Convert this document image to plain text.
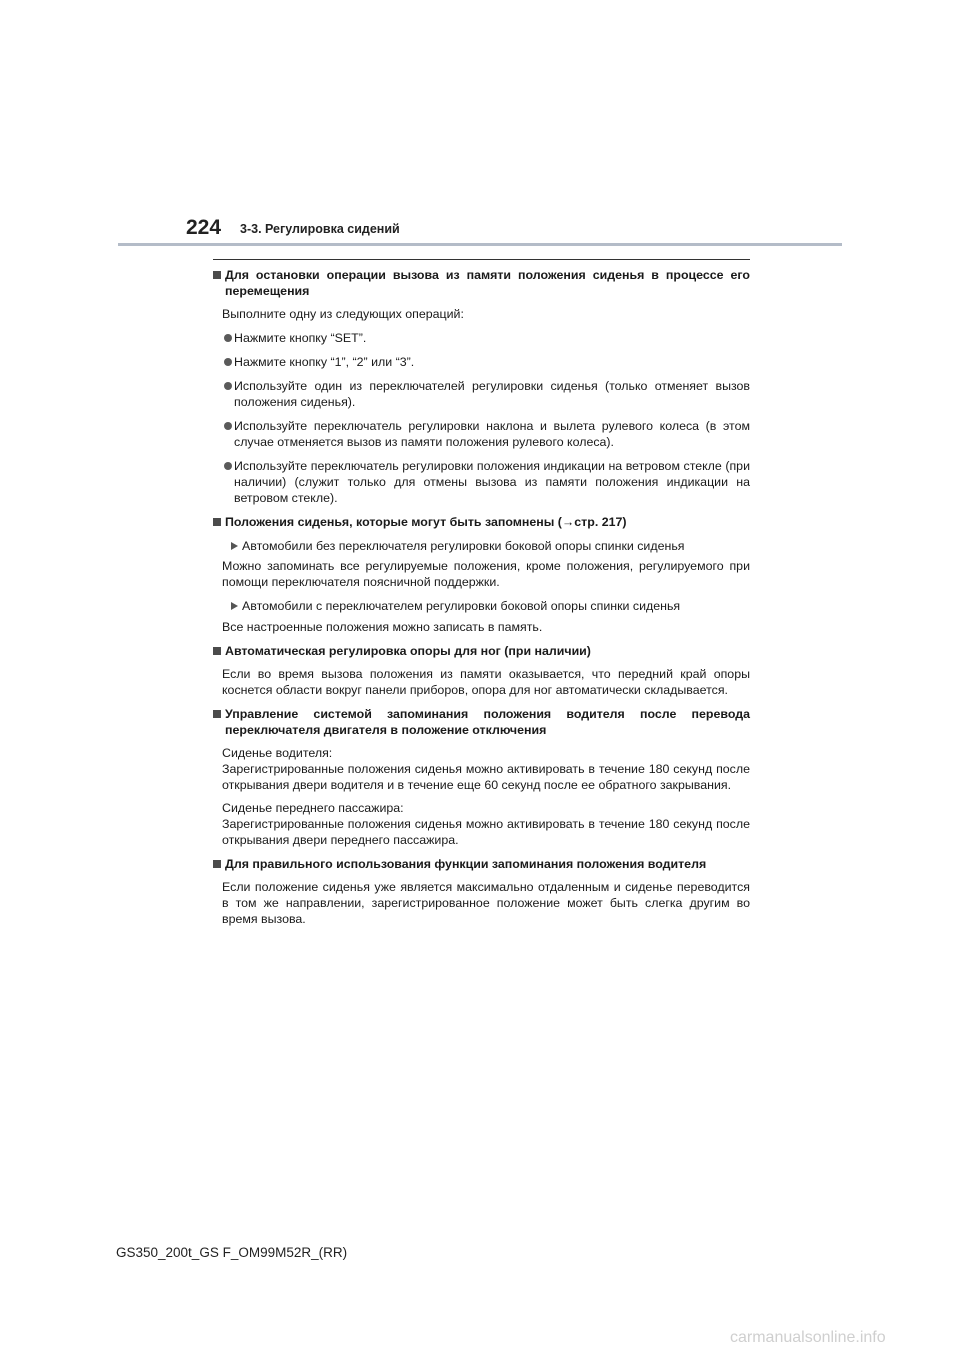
224 3-3. Регулировка сидений

Для остановки операции вызова из памяти положения сиденья в процессе его перемещения

Выполните одну из следующих операций:

Нажмите кнопку “SET”.

Нажмите кнопку “1”, “2” или “3”.

Используйте один из переключателей регулировки сиденья (только отменяет вызов положения сиденья).

Используйте переключатель регулировки наклона и вылета рулевого колеса (в этом случае отменяется вызов из памяти положения рулевого колеса).

Используйте переключатель регулировки положения индикации на ветровом стекле (при наличии) (служит только для отмены вызова из памяти положения индикации на ветровом стекле).

Положения сиденья, которые могут быть запомнены (→стр. 217)

Автомобили без переключателя регулировки боковой опоры спинки сиденья

Можно запоминать все регулируемые положения, кроме положения, регулируемого при помощи переключателя поясничной поддержки.

Автомобили с переключателем регулировки боковой опоры спинки сиденья

Все настроенные положения можно записать в память.

Автоматическая регулировка опоры для ног (при наличии)

Если во время вызова положения из памяти оказывается, что передний край опоры коснется области вокруг панели приборов, опора для ног автоматически складывается.

Управление системой запоминания положения водителя после перевода переключателя двигателя в положение отключения

Сиденье водителя:

Зарегистрированные положения сиденья можно активировать в течение 180 секунд после открывания двери водителя и в течение еще 60 секунд после ее обратного закрывания.

Сиденье переднего пассажира:

Зарегистрированные положения сиденья можно активировать в течение 180 секунд после открывания двери переднего пассажира.

Для правильного использования функции запоминания положения водителя

Если положение сиденья уже является максимально отдаленным и сиденье переводится в том же направлении, зарегистрированное положение может быть слегка другим во время вызова.

GS350_200t_GS F_OM99M52R_(RR)
carmanualsonline.info
